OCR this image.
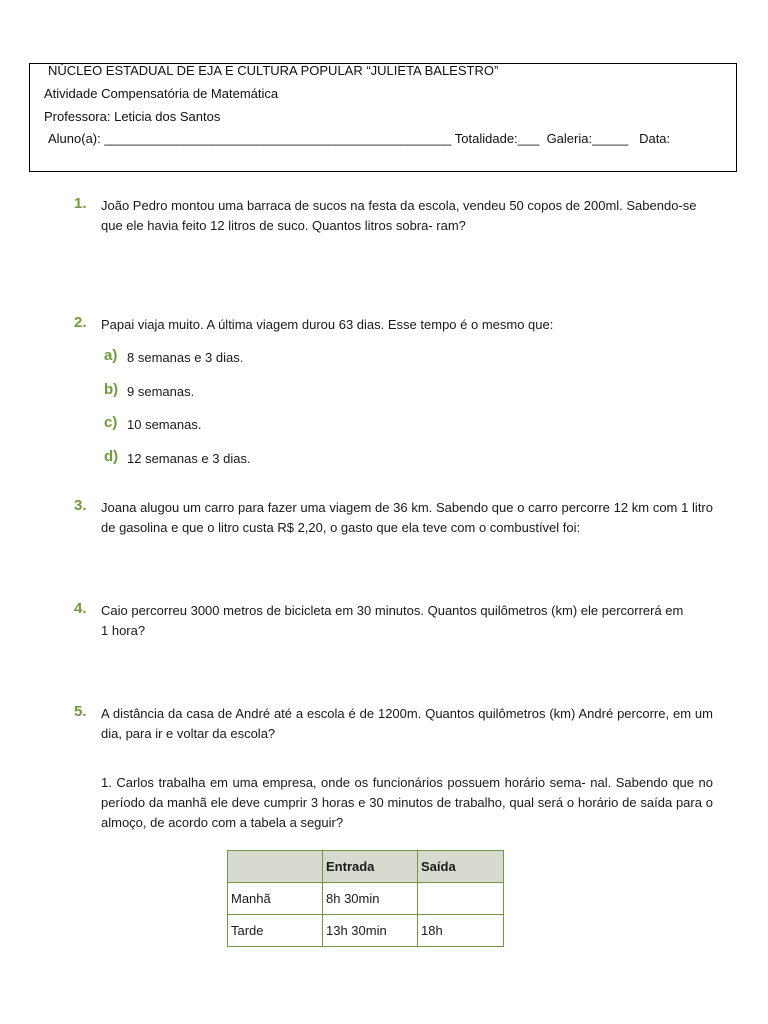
NÚCLEO ESTADUAL DE EJA E CULTURA POPULAR “JULIETA BALESTRO”
Atividade Compensatória de Matemática
Professora: Leticia dos Santos
Aluno(a): ________________________________________________ Totalidade:___  Galeria:_____   Data:
1.	João Pedro montou uma barraca de sucos na festa da escola, vendeu 50 copos de 200ml. Sabendo-se que ele havia feito 12 litros de suco. Quantos litros sobra- ram?
2.	Papai viaja muito. A última viagem durou 63 dias. Esse tempo é o mesmo que:
a) 8 semanas e 3 dias.
b) 9 semanas.
c) 10 semanas.
d) 12 semanas e 3 dias.
3.	Joana alugou um carro para fazer uma viagem de 36 km. Sabendo que o carro percorre 12 km com 1 litro de gasolina e que o litro custa R$ 2,20, o gasto que ela teve com o combustível foi:
4.	Caio percorreu 3000 metros de bicicleta em 30 minutos. Quantos quilômetros (km) ele percorrerá em 1 hora?
5.	A distância da casa de André até a escola é de 1200m. Quantos quilômetros (km) André percorre, em um dia, para ir e voltar da escola?
1. Carlos trabalha em uma empresa, onde os funcionários possuem horário sema- nal. Sabendo que no período da manhã ele deve cumprir 3 horas e 30 minutos de trabalho, qual será o horário de saída para o almoço, de acordo com a tabela a seguir?
	Entrada	Saída
Manhã	8h 30min	
Tarde	13h 30min	18h
